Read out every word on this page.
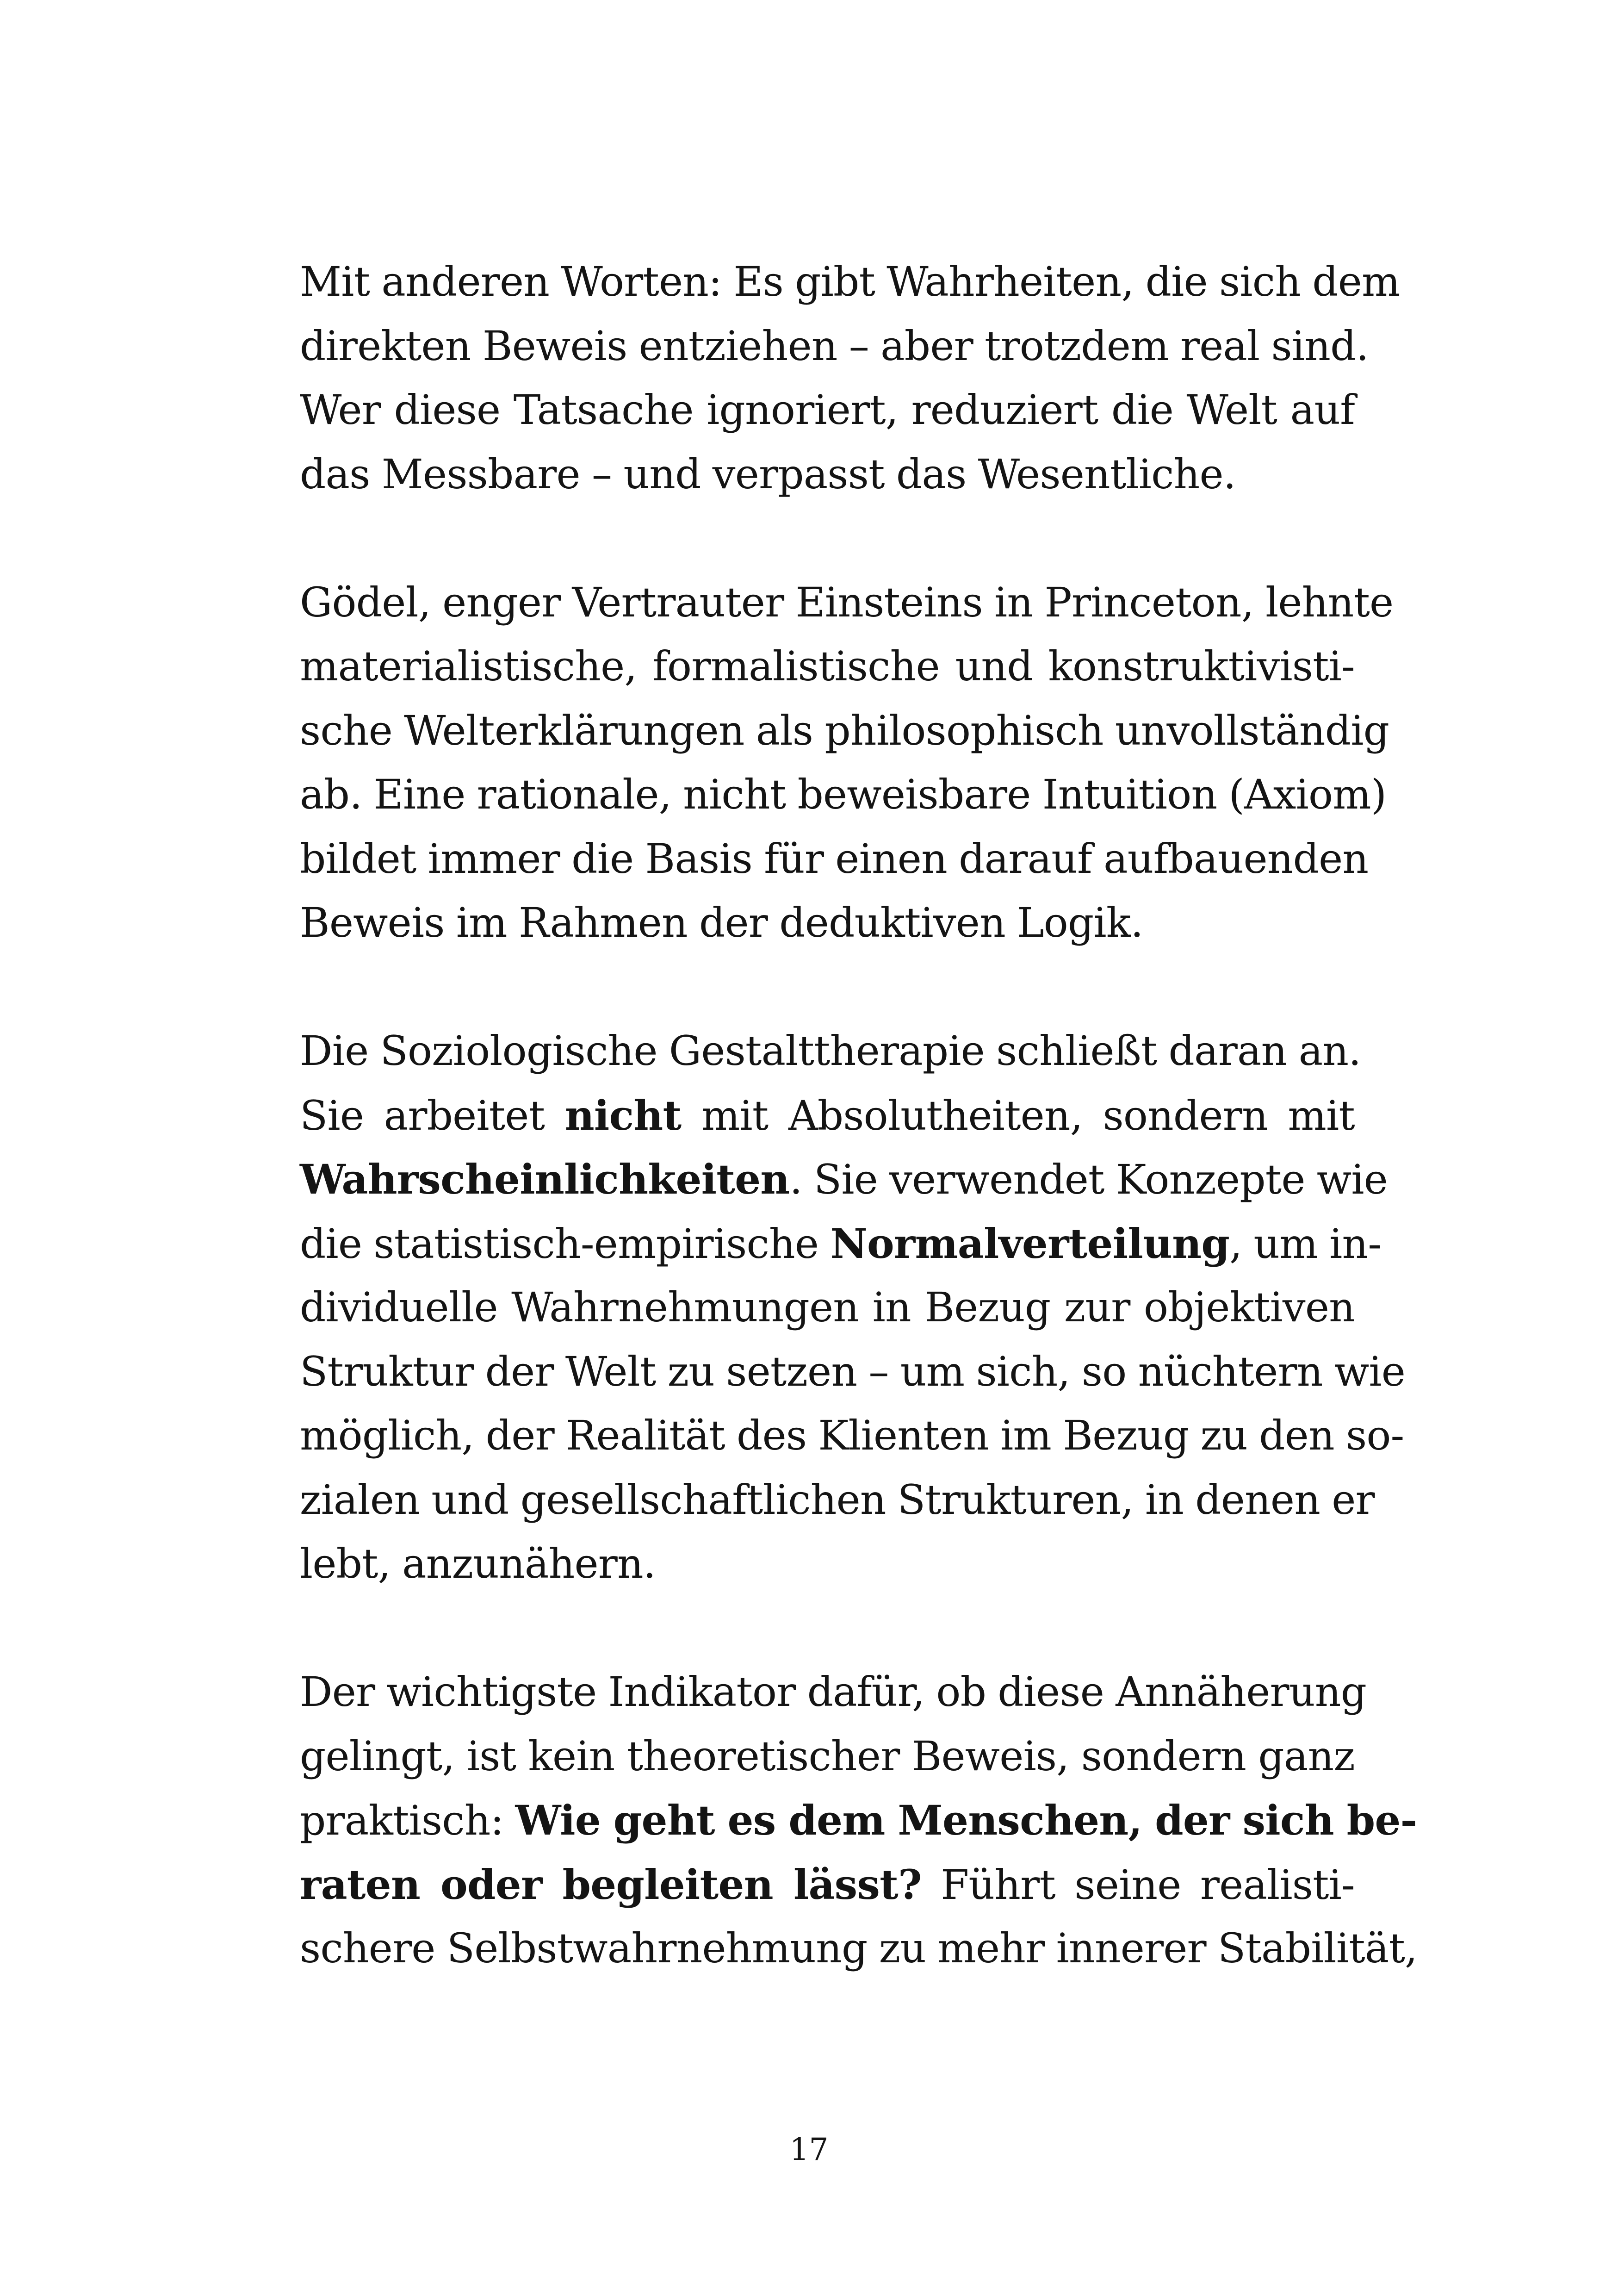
Mit anderen Worten: Es gibt Wahrheiten, die sich dem
direkten Beweis entziehen – aber trotzdem real sind.
Wer diese Tatsache ignoriert, reduziert die Welt auf
das Messbare – und verpasst das Wesentliche.
Gödel, enger Vertrauter Einsteins in Princeton, lehnte
materialistische, formalistische und konstruktivisti-
sche Welterklärungen als philosophisch unvollständig
ab. Eine rationale, nicht beweisbare Intuition (Axiom)
bildet immer die Basis für einen darauf aufbauenden
Beweis im Rahmen der deduktiven Logik.
Die Soziologische Gestalttherapie schließt daran an.
Sie arbeitet nicht mit Absolutheiten, sondern mit
Wahrscheinlichkeiten. Sie verwendet Konzepte wie
die statistisch-empirische Normalverteilung, um in-
dividuelle Wahrnehmungen in Bezug zur objektiven
Struktur der Welt zu setzen – um sich, so nüchtern wie
möglich, der Realität des Klienten im Bezug zu den so-
zialen und gesellschaftlichen Strukturen, in denen er
lebt, anzunähern.
Der wichtigste Indikator dafür, ob diese Annäherung
gelingt, ist kein theoretischer Beweis, sondern ganz
praktisch: Wie geht es dem Menschen, der sich be-
raten oder begleiten lässt? Führt seine realisti-
schere Selbstwahrnehmung zu mehr innerer Stabilität,
17
